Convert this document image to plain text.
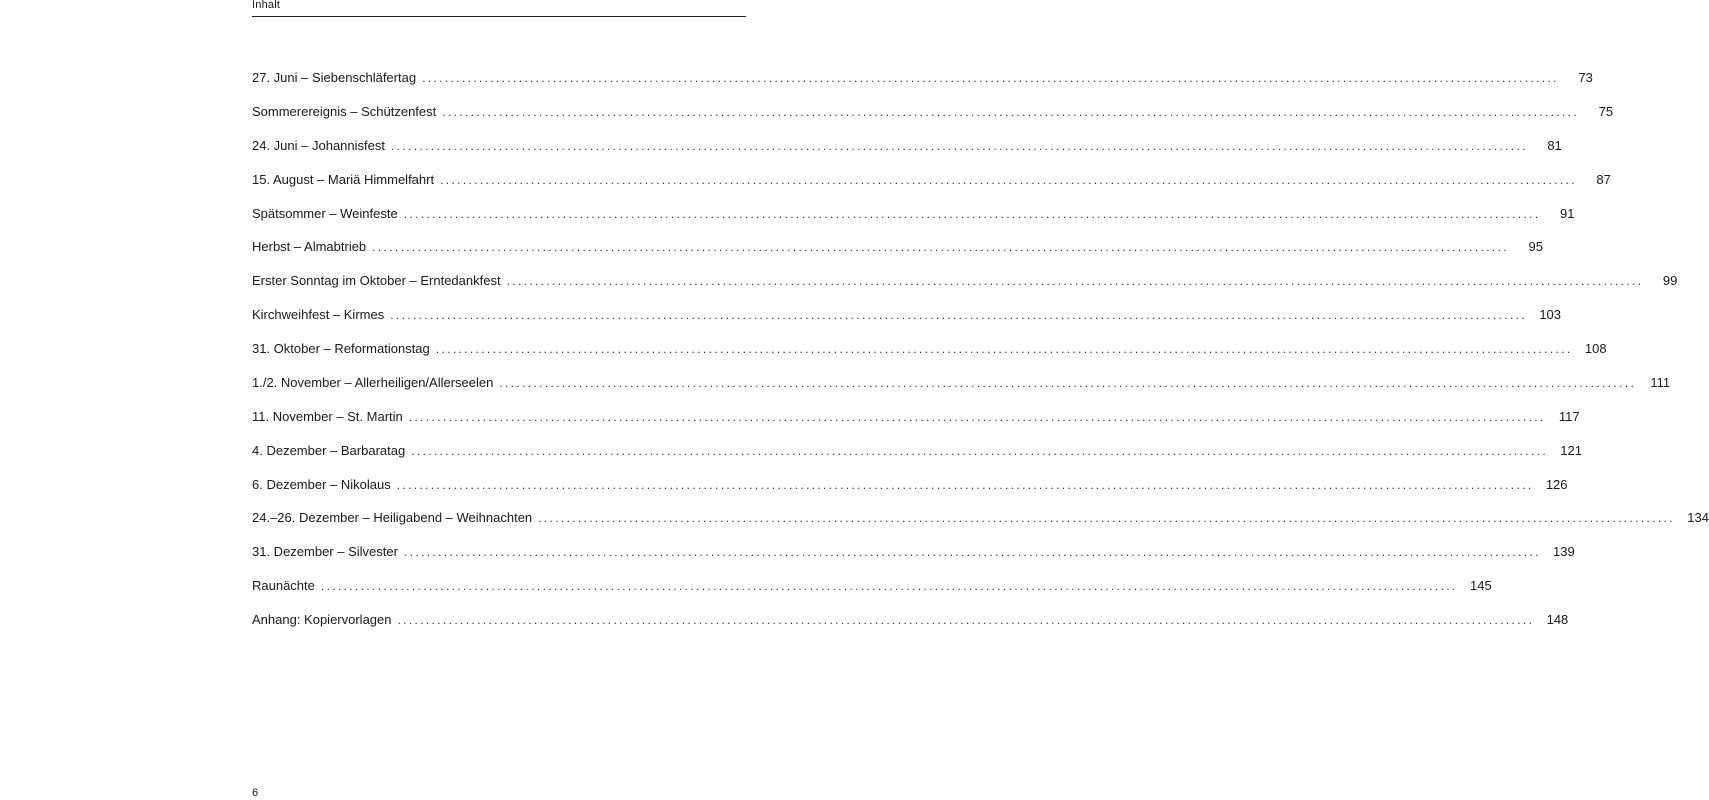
Inhalt
27. Juni – Siebenschläfertag ........................................................................................................................................................................................................	73
Sommerereignis – Schützenfest ........................................................................................................................................................................................................	75
24. Juni – Johannisfest ........................................................................................................................................................................................................	81
15. August – Mariä Himmelfahrt ........................................................................................................................................................................................................	87
Spätsommer – Weinfeste ........................................................................................................................................................................................................	91
Herbst – Almabtrieb ........................................................................................................................................................................................................	95
Erster Sonntag im Oktober – Erntedankfest ........................................................................................................................................................................................................	99
Kirchweihfest – Kirmes ........................................................................................................................................................................................................ 103
31. Oktober – Reformationstag ........................................................................................................................................................................................................ 108
1./2. November – Allerheiligen/Allerseelen ........................................................................................................................................................................................................	111
11. November – St. Martin ........................................................................................................................................................................................................	117
4. Dezember – Barbaratag ........................................................................................................................................................................................................ 121
6. Dezember – Nikolaus ........................................................................................................................................................................................................ 126
24.–26. Dezember – Heiligabend – Weihnachten ........................................................................................................................................................................................................ 134
31. Dezember – Silvester ........................................................................................................................................................................................................ 139
Raunächte ........................................................................................................................................................................................................ 145
Anhang: Kopiervorlagen ........................................................................................................................................................................................................ 148
6
